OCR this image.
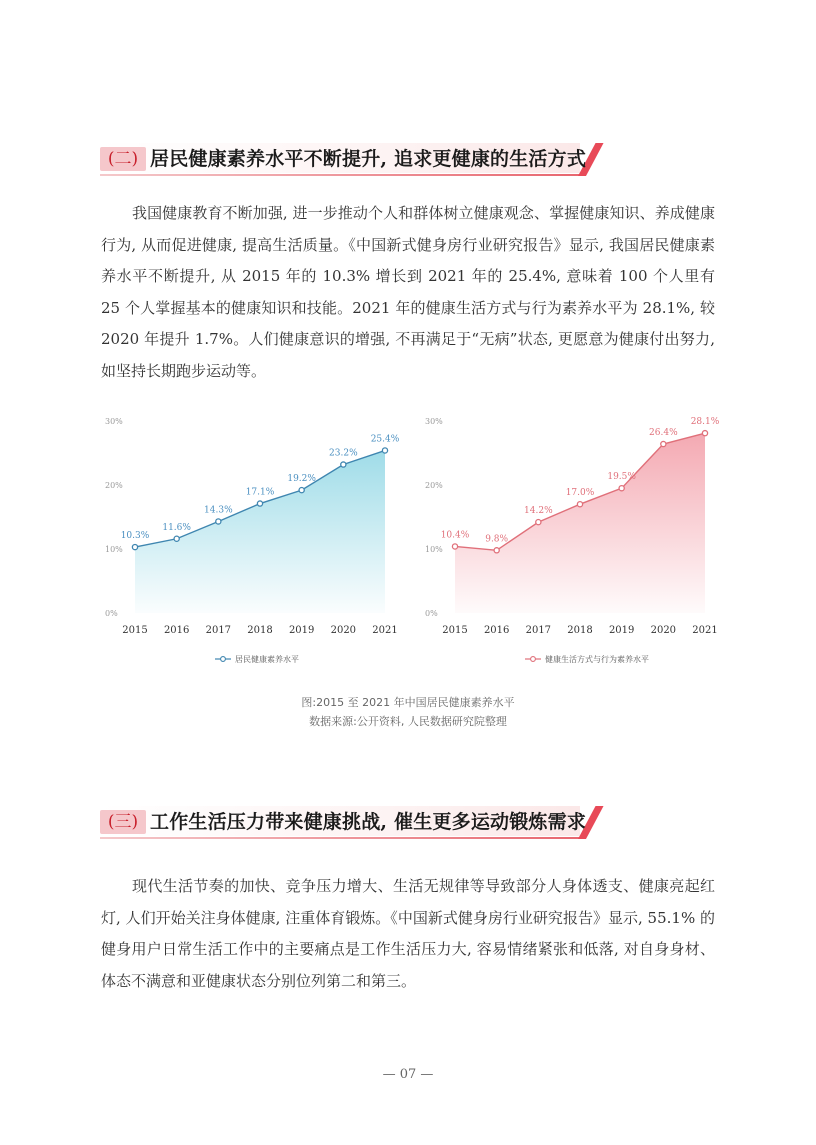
(二) 居民健康素养水平不断提升, 追求更健康的生活方式

我国健康教育不断加强, 进一步推动个人和群体树立健康观念、掌握健康知识、养成健康行为, 从而促进健康, 提高生活质量。《中国新式健身房行业研究报告》显示, 我国居民健康素养水平不断提升, 从 2015 年的 10.3% 增长到 2021 年的 25.4%, 意味着 100 个人里有 25 个人掌握基本的健康知识和技能。2021 年的健康生活方式与行为素养水平为 28.1%, 较 2020 年提升 1.7%。人们健康意识的增强, 不再满足于“无病”状态, 更愿意为健康付出努力, 如坚持长期跑步运动等。

0%
10%
20%
30%
10.3%
11.6%
14.3%
17.1%
19.2%
23.2%
25.4%
2015 2016 2017 2018 2019 2020 2021
居民健康素养水平
0%
10%
20%
30%
10.4% 9.8%
14.2%
17.0%
19.5%
26.4%
28.1%
2015 2016 2017 2018 2019 2020 2021
健康生活方式与行为素养水平
图:2015 至 2021 年中国居民健康素养水平
数据来源:公开资料, 人民数据研究院整理
(三) 工作生活压力带来健康挑战, 催生更多运动锻炼需求

现代生活节奏的加快、竞争压力增大、生活无规律等导致部分人身体透支、健康亮起红灯, 人们开始关注身体健康, 注重体育锻炼。《中国新式健身房行业研究报告》显示, 55.1% 的健身用户日常生活工作中的主要痛点是工作生活压力大, 容易情绪紧张和低落, 对自身身材、体态不满意和亚健康状态分别位列第二和第三。

— 07 —
